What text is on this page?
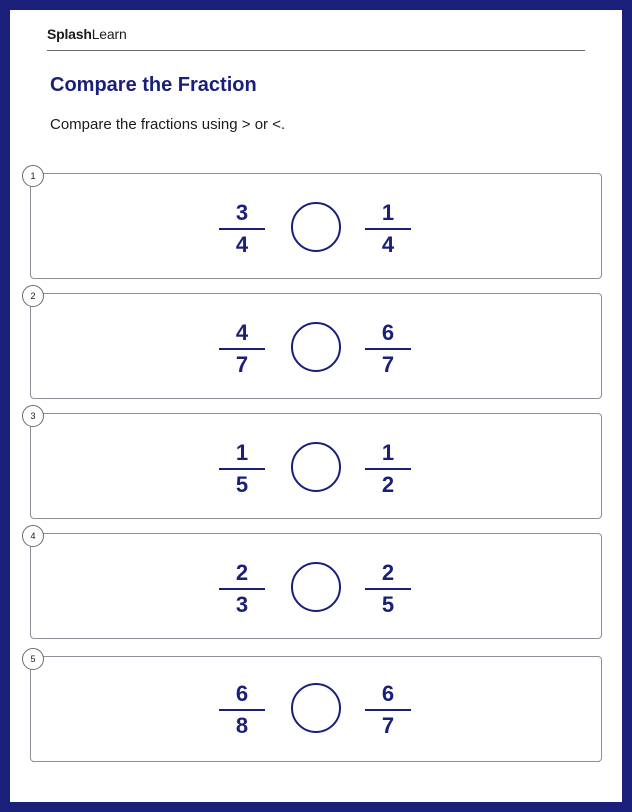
SplashLearn
Compare the Fraction
Compare the fractions using > or <.
1
3
4
1
4
2
4
7
6
7
3
1
5
1
2
4
2
3
2
5
5
6
8
6
7
